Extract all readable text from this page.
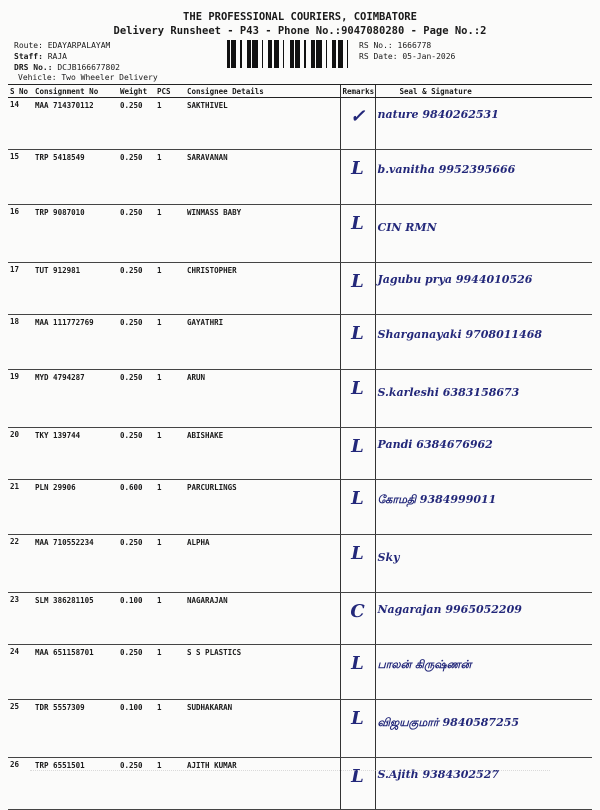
THE PROFESSIONAL COURIERS, COIMBATORE
Delivery Runsheet - P43 - Phone No.:9047080280 - Page No.:2
Route: EDAYARPALAYAM
Staff: RAJA
DRS No.: DCJB166677802
Vehicle: Two Wheeler Delivery
RS No.: 1666778
RS Date: 05-Jan-2026
S No	Consignment No	Weight	PCS	Consignee Details	Remarks	Seal & Signature
14	MAA 714370112	0.250	1	SAKTHIVEL	✓	nature 9840262531
15	TRP 5418549	0.250	1	SARAVANAN	L	b.vanitha 9952395666
16	TRP 9087010	0.250	1	WINMASS BABY	L	CIN RMN
17	TUT 912981	0.250	1	CHRISTOPHER	L	Jagubu prya 9944010526
18	MAA 111772769	0.250	1	GAYATHRI	L	Sharganayaki 9708011468
19	MYD 4794287	0.250	1	ARUN	L	S.karleshi 6383158673
20	TKY 139744	0.250	1	ABISHAKE	L	Pandi 6384676962
21	PLN 29906	0.600	1	PARCURLINGS	L	கோமதி 9384999011
22	MAA 710552234	0.250	1	ALPHA	L	Sky
23	SLM 386281105	0.100	1	NAGARAJAN	C	Nagarajan 9965052209
24	MAA 651158701	0.250	1	S S PLASTICS	L	பாலன் கிருஷ்ணன்
25	TDR 5557309	0.100	1	SUDHAKARAN	L	விஜயகுமார் 9840587255
26	TRP 6551501	0.250	1	AJITH KUMAR	L	S.Ajith 9384302527
